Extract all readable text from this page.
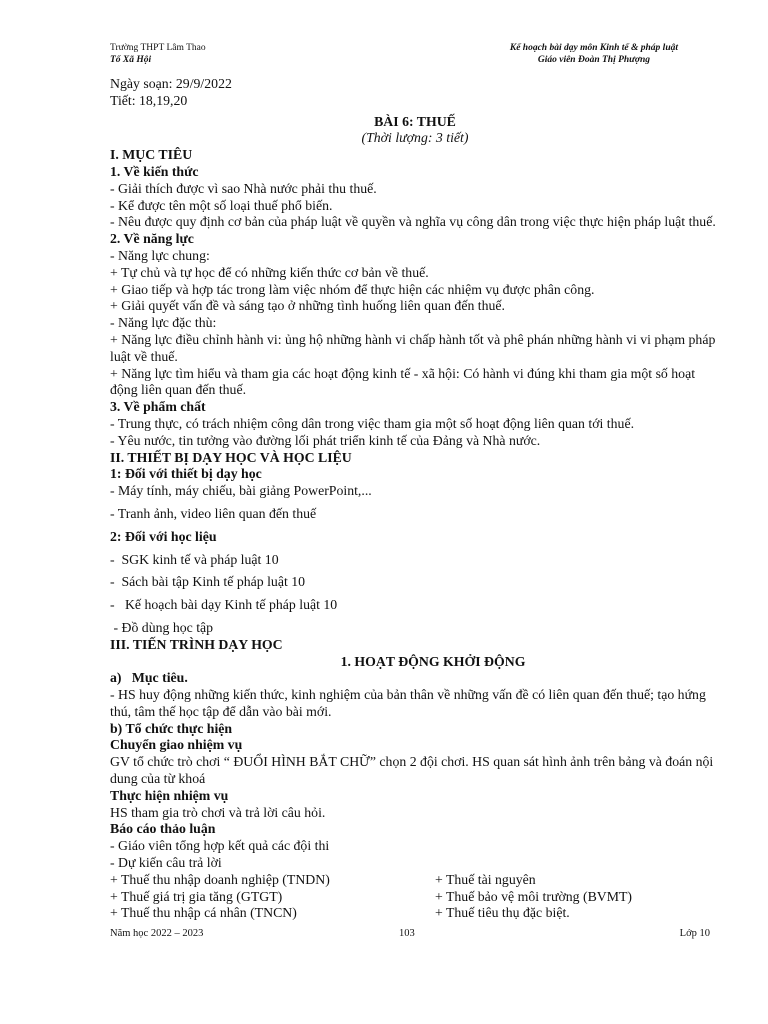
Trường THPT Lâm Thao
Tổ Xã Hội
Kế hoạch bài dạy môn Kinh tế & pháp luật
Giáo viên Đoàn Thị Phượng
Ngày soạn: 29/9/2022
Tiết: 18,19,20
BÀI 6: THUẾ
(Thời lượng: 3 tiết)
I. MỤC TIÊU
1. Về kiến thức
- Giải thích được vì sao Nhà nước phải thu thuế.
- Kể được tên một số loại thuế phổ biến.
- Nêu được quy định cơ bản của pháp luật về quyền và nghĩa vụ công dân trong việc thực hiện pháp luật thuế.
2. Về năng lực
- Năng lực chung:
+ Tự chủ và tự học để có những kiến thức cơ bản về thuế.
+ Giao tiếp và hợp tác trong làm việc nhóm để thực hiện các nhiệm vụ được phân công.
+ Giải quyết vấn đề và sáng tạo ở những tình huống liên quan đến thuế.
- Năng lực đặc thù:
+ Năng lực điều chỉnh hành vi: ủng hộ những hành vi chấp hành tốt và phê phán những hành vi vi phạm pháp luật về thuế.
+ Năng lực tìm hiểu và tham gia các hoạt động kinh tế - xã hội: Có hành vi đúng khi tham gia một số hoạt động liên quan đến thuế.
3. Về phẩm chất
- Trung thực, có trách nhiệm công dân trong việc tham gia một số hoạt động liên quan tới thuế.
- Yêu nước, tin tưởng vào đường lối phát triển kinh tế của Đảng và Nhà nước.
II. THIẾT BỊ DẠY HỌC VÀ HỌC LIỆU
1: Đối với thiết bị dạy học
- Máy tính, máy chiếu, bài giảng PowerPoint,...
- Tranh ảnh, video liên quan đến thuế
2: Đối với học liệu
-  SGK kinh tế và pháp luật 10
-  Sách bài tập Kinh tế pháp luật 10
-   Kế hoạch bài dạy Kinh tế pháp luật 10
- Đồ dùng học tập
III. TIẾN TRÌNH DẠY HỌC
1. HOẠT ĐỘNG KHỞI ĐỘNG
a)   Mục tiêu.
- HS huy động những kiến thức, kinh nghiệm của bản thân về những vấn đề có liên quan đến thuế; tạo hứng thú, tâm thế học tập để dẫn vào bài mới.
b) Tổ chức thực hiện
Chuyển giao nhiệm vụ
GV tổ chức trò chơi “ ĐUỔI HÌNH BẮT CHỮ” chọn 2 đội chơi. HS quan sát hình ảnh trên bảng và đoán nội dung của từ khoá
Thực hiện nhiệm vụ
HS tham gia trò chơi và trả lời câu hỏi.
Báo cáo thảo luận
- Giáo viên tổng hợp kết quả các đội thi
- Dự kiến câu trả lời
+ Thuế thu nhập doanh nghiệp (TNDN)
+ Thuế giá trị gia tăng (GTGT)
+ Thuế thu nhập cá nhân (TNCN)
+ Thuế tài nguyên
+ Thuế bảo vệ môi trường (BVMT)
+ Thuế tiêu thụ đặc biệt.
Năm học 2022 – 2023	103	Lớp 10
